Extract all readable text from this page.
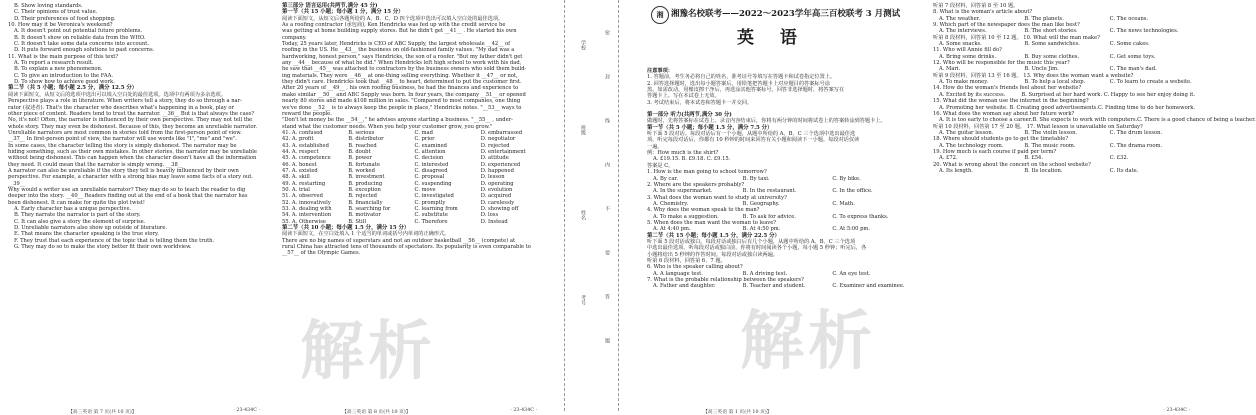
B. Show loving standards.
C. Their opinions of trust value.
D. Their preferences of food shopping.
10. How may it be Veronica's weekend?
A. It doesn't point out potential future problems.
B. It doesn't show on reliable data from the WHO.
C. It doesn't take some data concerns into account.
D. It puts forward enough solutions to past concerns.
11. What is the main purpose of this text?
A. To report a research result.
B. To explain a new phenomenon.
C. To give an introduction to the FAA.
D. To show how to achieve good work.
第二节（共 5 小题；每小题 2.5 分，满分 12.5 分）
阅读下面短文，从短文后的选项中选出可以填入空白处的最佳选项。选项中有两项为多余选项。
Perspective plays a role in literature. When writers tell a story, they do so through a nar-
rator (叙述者). That's the character who describes what's happening in a book, play or
other piece of content. Readers tend to trust the narrator. __36__ But is that always the case?
No, it's not! Often, the narrator is influenced by their own perspective. They may not tell the
whole story. They may even be dishonest. Because of this, they become an unreliable narrator.
Unreliable narrators are most common in stories told from the first-person point of view.
__37__ In first-person point of view, the narrator will use words like "I", "me" and "we".
In some cases, the character telling the story is simply dishonest. The narrator may be
hiding something, such as their own mistakes. In other stories, the narrator may be unreliable
without being dishonest. This can happen when the character doesn't have all the information
they need. It could mean that the narrator is simply wrong. __38__
A narrator can also be unreliable if the story they tell is heavily influenced by their own
perspective. For example, a character with a strong bias may leave some facts of a story out.
__39__
Why would a writer use an unreliable narrator? They may do so to teach the reader to dig
deeper into the story. __40__ Readers finding out at the end of a book that the narrator has
been dishonest. It can make for quite the plot twist!
A. Early character has a unique perspective.
B. They narrate the narrator is part of the story.
C. It can also give a story the element of surprise.
D. Unreliable narrators also show up outside of literature.
E. That means the character speaking is the true story.
F. They trust that each experience of the topic that is telling them the truth.
G. They may do so to make the story better fit their own worldview.
【高三英语 第 7 页(共 10 页)】	· 23-434C ·
第三部分 语言运用(共两节,满分 45 分)
第一节（共 15 小题；每小题 1 分，满分 15 分）
阅读下面短文，从短文后各题所给的 A、B、C、D 四个选项中选出可以填入空白处的最佳选项。
As a roofing contractor (承包商), Ken Hendricks was fed up with the credit service he
was getting at home building supply stores. But he didn't get __41__ . He started his own
company.
Today, 25 years later, Hendricks is CEO of ABC Supply, the largest wholesale __42__ of
roofing in the US. He __43__ the business on old-fashioned family values. "My dad was a
hardworking, honest person," says Hendricks, the son of a roofer. "But my father didn't get
any __44__ because of what he did." When Hendricks left high school to work with his dad,
he saw that __45__ was attached to contractors by the business owners who sold them build-
ing materials. They were __46__ at one-thing selling everything. Whether it __47__ or not,
they didn't care. Hendricks took that __48__ to heart, determined to put the customer first.
After 20 years of __49__ , his own roofing business, he had the finances and experience to
make similar __50__ and ABC Supply was born. In four years, the company __51__ or opened
nearly 80 stores and made $108 million in sales. "Compared to most companies, one thing
we've done __52__ is to always keep the people in place," Hendricks notes. "__53__ ways to
reward the people.
"Don't let money be the __54__," he advises anyone starting a business. "__55__ , under-
stand what the customer needs. When you help your customer grow, you grow."
41. A. confused	B. serious	C. mad	D. embarrassed
42. A. profit	B. distributor	C. prior	D. negotiator
43. A. established	B. reached	C. examined	D. rejected
44. A. respect	B. doubt	C. attention	D. entertainment
45. A. competence	B. power	C. decision	D. attitude
46. A. honest	B. fortunate	C. interested	D. experienced
47. A. existed	B. worked	C. disagreed	D. happened
48. A. skill	B. investment	C. proposal	D. lesson
49. A. restarting	B. producing	C. suspending	D. operating
50. A. trial	B. exception	C. move	D. evolution
51. A. observed	B. rejected	C. investigated	D. acquired
52. A. innovatively	B. financially	C. promptly	D. carelessly
53. A. dealing with	B. searching for	C. learning from	D. showing off
54. A. intervention	B. motivator	C. substitute	D. loss
55. A. Otherwise	B. Still	C. Therefore	D. Instead
第二节（共 10 小题；每小题 1.5 分，满分 15 分）
阅读下面短文，在空白处填入 1 个适当的单词或括号内单词的正确形式。
There are no big names of superstars and not an outdoor basketball __56__ (compete) at
rural China has attracted tens of thousands of spectators. Its popularity is even comparable to
__57__ of the Olympic Games.
【高三英语 第 8 页(共 10 页)】	· 23-434C ·
解析	解析
学校
班级
姓名
考号
密
封
线
内
不
要
答
题
湘 湘豫名校联考——2022～2023学年高三百校联考 3 月测试
英 语
注意事项：
1. 答题前，考生务必将自己的姓名、准考证号等填写在答题卡和试卷指定位置上。
2. 回答选择题时，选出每小题答案后，用铅笔把答题卡上对应题目的答案标号涂
黑。如需改动，用橡皮擦干净后，再选涂其他答案标号。回答非选择题时，将答案写在
答题卡上。写在本试卷上无效。
3. 考试结束后，将本试卷和答题卡一并交回。
第一部分 听力(共两节,满分 30 分)
做题时，先将答案标在试卷上。录音内容结束后，你将有两分钟的时间将试卷上的答案转涂到答题卡上。
第一节（共 5 小题；每小题 1.5 分，满分 7.5 分）
听下面 5 段对话。每段对话后有一个小题，从题中所给的 A、B、C 三个选项中选出最佳选
项。听完每段对话后，你都有 10 秒钟的时间来回答有关小题和阅读下一小题。每段对话仅读
一遍。
例：How much is the shirt?
A. £19.15. B. £9.18. C. £9.15.
答案是 C。
1. How is the man going to school tomorrow?
A. By car.	B. By taxi.	C. By bike.
2. Where are the speakers probably?
A. In the supermarket.	B. In the restaurant.	C. In the office.
3. What does the woman want to study at university?
A. Chemistry.	B. Geography.	C. Math.
4. Why does the woman speak to the man?
A. To make a suggestion.	B. To ask for advice.	C. To express thanks.
5. When does the man want the woman to leave?
A. At 4:40 pm.	B. At 4:50 pm.	C. At 5:00 pm.
第二节（共 15 小题；每小题 1.5 分，满分 22.5 分）
听下面 5 段对话或独白。每段对话或独白后有几个小题，从题中所给的 A、B、C 三个选项
中选出最佳选项。听每段对话或独白前，你将有时间阅读各个小题，每小题 5 秒钟；听完后，各
小题将给出 5 秒钟的作答时间。每段对话或独白读两遍。
听第 6 段材料，回答第 6、7 题。
6. Who is the speaker calling about?
A. A language test.	B. A driving test.	C. An eye test.
7. What is the probable relationship between the speakers?
A. Father and daughter.	B. Teacher and student.	C. Examiner and examinee.
听第 7 段材料，回答第 8 至 10 题。
8. What is the woman's article about?
A. The weather.	B. The planets.	C. The oceans.
9. Which part of the newspaper does the man like best?
A. The interviews.	B. The short stories.	C. The news technologies.
听第 8 段材料，回答第 10 至 12 题。 10. What will the man make?
A. Some snacks.	B. Some sandwiches.	C. Some cakes.
11. Who will Annie fill do?
A. Bring some drinks.	B. Buy some clothes.	C. Get some toys.
12. Who will be responsible for the music this year?
A. Mari.	B. Uncle Jim.	C. The man's dad.
听第 9 段材料，回答第 13 至 16 题。 13. Why does the woman want a website?
A. To make money.	B. To help a local shop.	C. To learn to create a website.
14. How do the woman's friends feel about her website?
A. Excited by its success.	B. Surprised at her hard work. C. Happy to see her enjoy doing it.
15. What did the woman use the internet in the beginning?
A. Promoting her website. B. Creating good advertisements. C. Finding time to do her homework.
16. What does the woman say about her future work?
A. It is too early to choose a career. B. She expects to work with computers. C. There is a good chance of being a teacher.
听第 10 段材料，回答第 17 至 20 题。 17. What lesson is unavailable on Saturday?
A. The guitar lesson.	B. The violin lesson.	C. The drum lesson.
18. Where should students go to get the timetable?
A. The technology room.	B. The music room.	C. The drama room.
19. How much is each course if paid per term?
A. £72.	B. £54.	C. £32.
20. What is wrong about the concert on the school website?
A. Its length.	B. Its location.	C. Its date.
【高三英语 第 1 页(共 10 页)】	· 23-434C ·
